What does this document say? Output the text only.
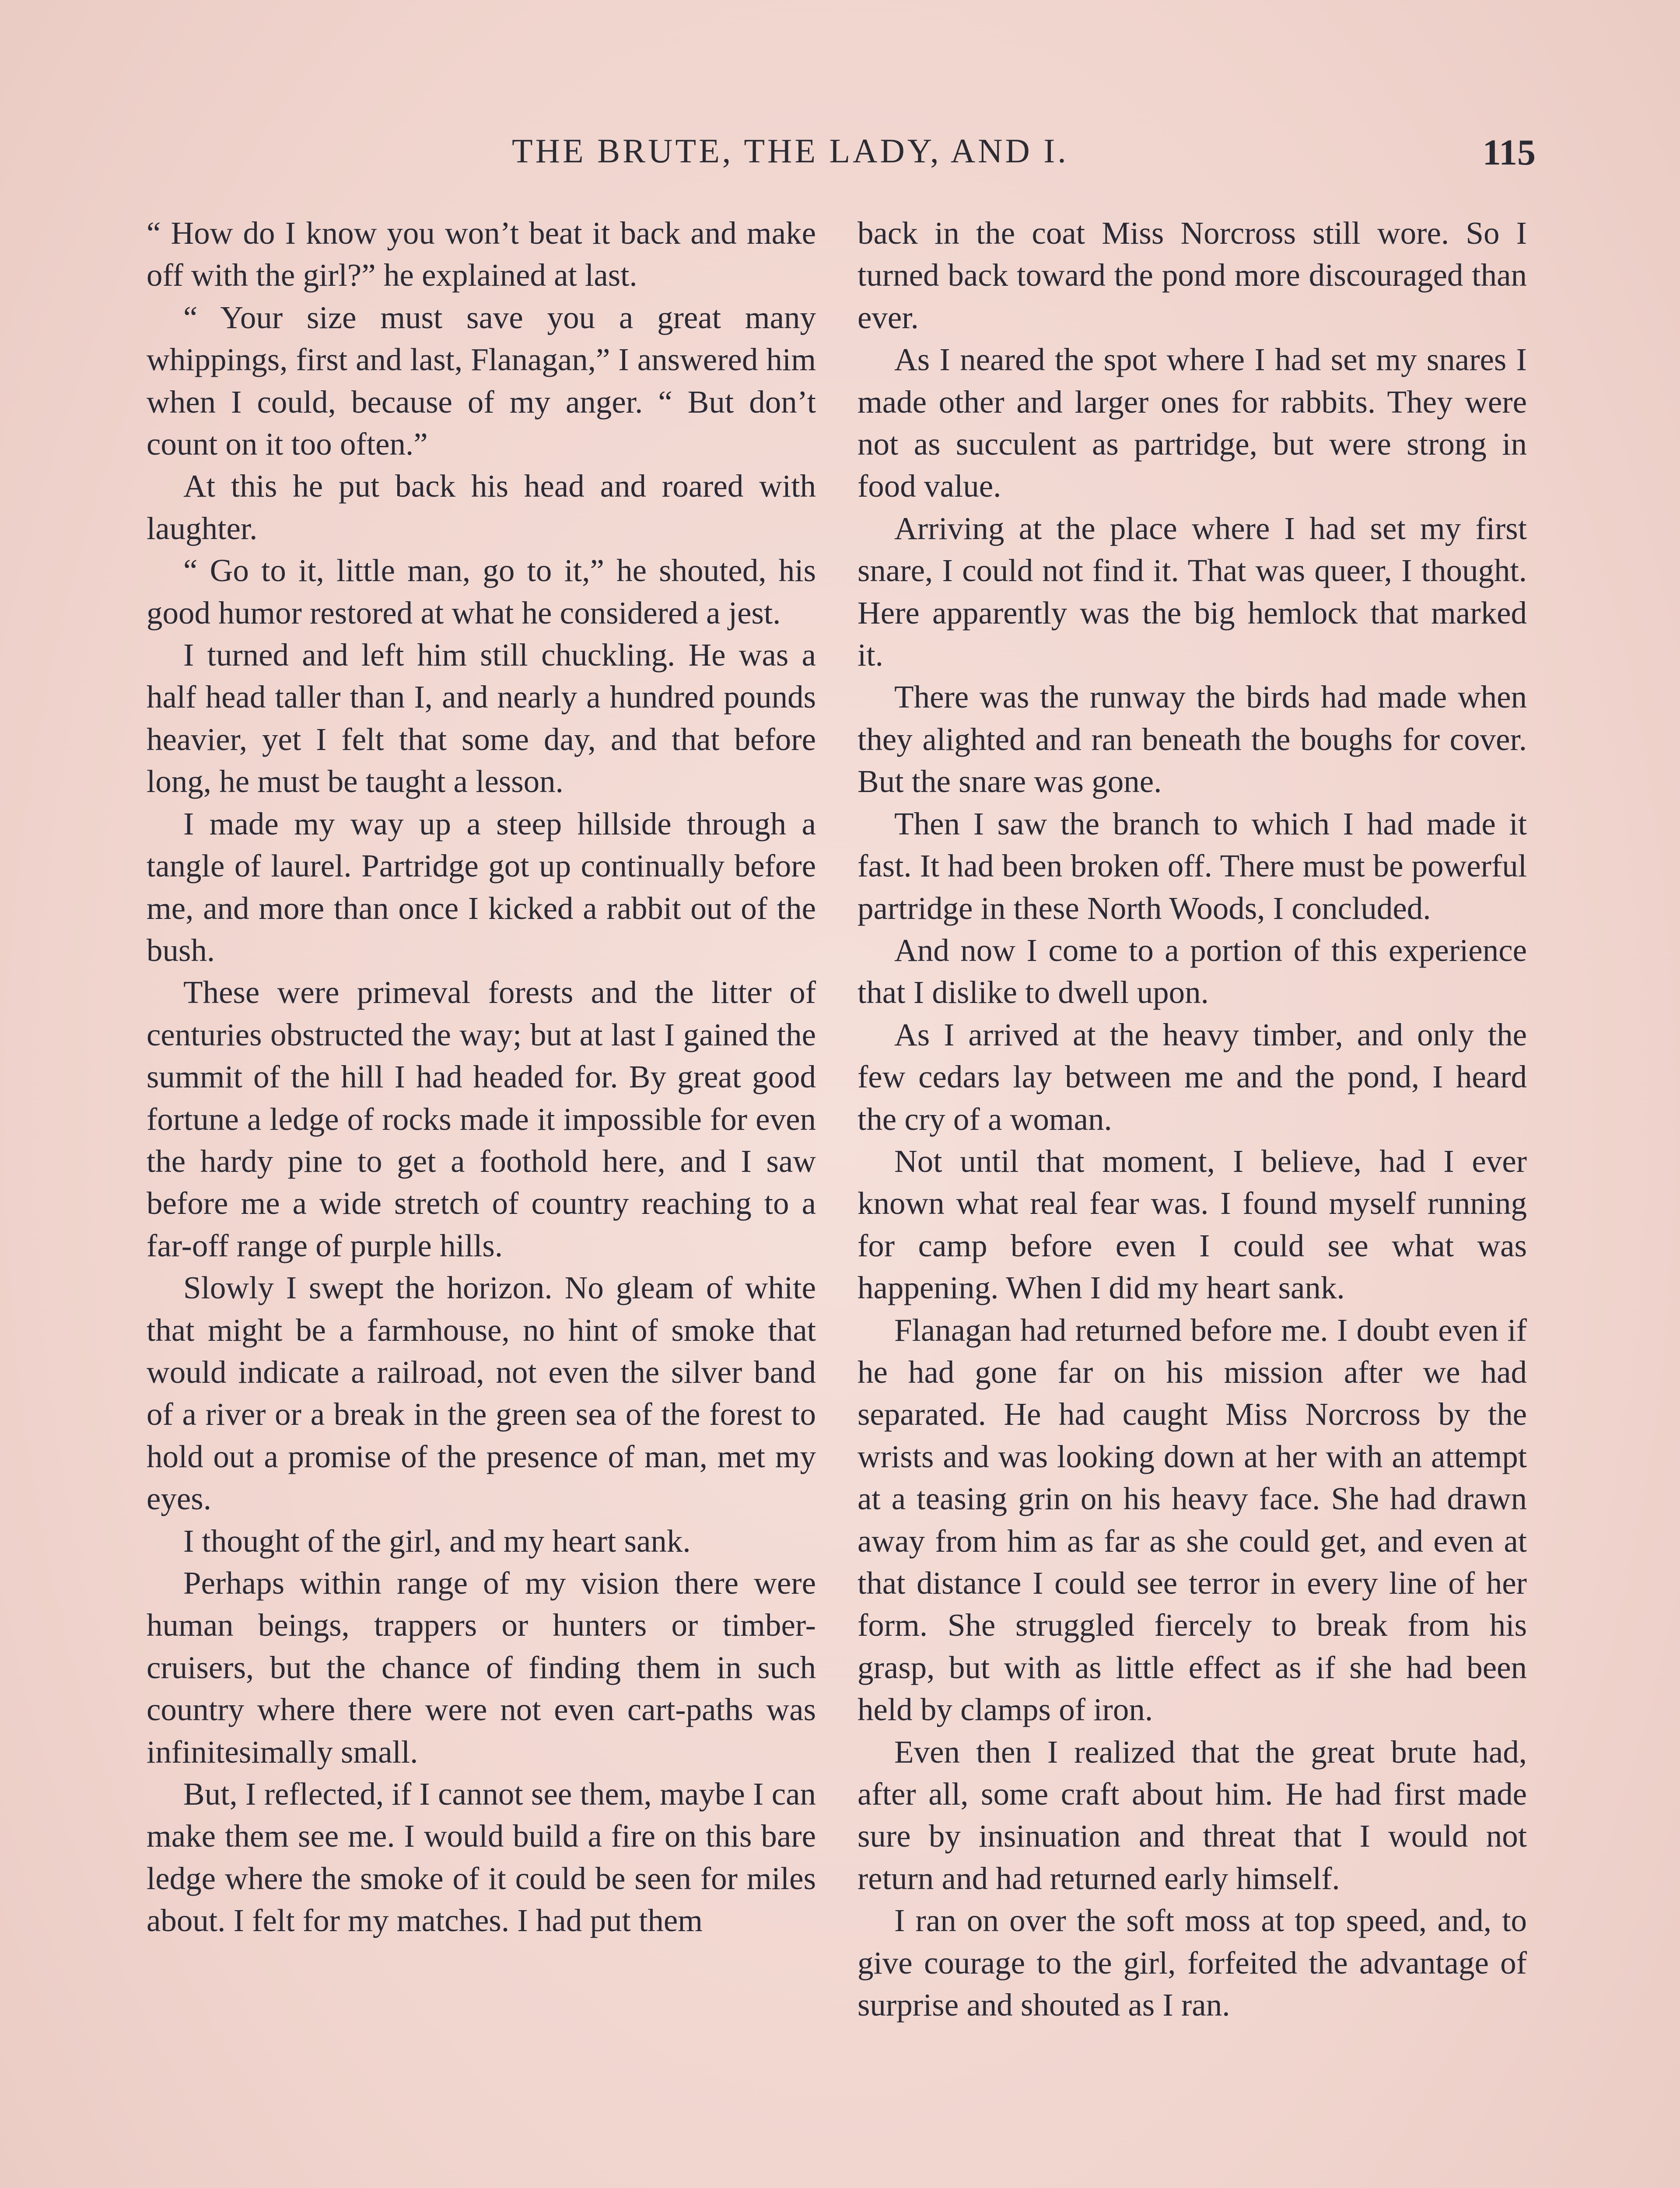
THE BRUTE, THE LADY, AND I.	115

“ How do I know you won’t beat it back and make off with the girl?” he explained at last.

“ Your size must save you a great many whippings, first and last, Flanagan,” I answered him when I could, because of my anger. “ But don’t count on it too often.”

At this he put back his head and roared with laughter.

“ Go to it, little man, go to it,” he shouted, his good humor restored at what he considered a jest.

I turned and left him still chuckling. He was a half head taller than I, and nearly a hundred pounds heavier, yet I felt that some day, and that before long, he must be taught a lesson.

I made my way up a steep hillside through a tangle of laurel. Partridge got up continually before me, and more than once I kicked a rabbit out of the bush.

These were primeval forests and the litter of centuries obstructed the way; but at last I gained the summit of the hill I had headed for. By great good fortune a ledge of rocks made it impossible for even the hardy pine to get a foothold here, and I saw before me a wide stretch of country reaching to a far-off range of purple hills.

Slowly I swept the horizon. No gleam of white that might be a farmhouse, no hint of smoke that would indicate a railroad, not even the silver band of a river or a break in the green sea of the forest to hold out a promise of the presence of man, met my eyes.

I thought of the girl, and my heart sank.

Perhaps within range of my vision there were human beings, trappers or hunters or timber-cruisers, but the chance of finding them in such country where there were not even cart-paths was infinitesimally small.

But, I reflected, if I cannot see them, maybe I can make them see me. I would build a fire on this bare ledge where the smoke of it could be seen for miles about. I felt for my matches. I had put them

back in the coat Miss Norcross still wore. So I turned back toward the pond more discouraged than ever.

As I neared the spot where I had set my snares I made other and larger ones for rabbits. They were not as succulent as partridge, but were strong in food value.

Arriving at the place where I had set my first snare, I could not find it. That was queer, I thought. Here apparently was the big hemlock that marked it.

There was the runway the birds had made when they alighted and ran beneath the boughs for cover. But the snare was gone.

Then I saw the branch to which I had made it fast. It had been broken off. There must be powerful partridge in these North Woods, I concluded.

And now I come to a portion of this experience that I dislike to dwell upon.

As I arrived at the heavy timber, and only the few cedars lay between me and the pond, I heard the cry of a woman.

Not until that moment, I believe, had I ever known what real fear was. I found myself running for camp before even I could see what was happening. When I did my heart sank.

Flanagan had returned before me. I doubt even if he had gone far on his mission after we had separated. He had caught Miss Norcross by the wrists and was looking down at her with an attempt at a teasing grin on his heavy face. She had drawn away from him as far as she could get, and even at that distance I could see terror in every line of her form. She struggled fiercely to break from his grasp, but with as little effect as if she had been held by clamps of iron.

Even then I realized that the great brute had, after all, some craft about him. He had first made sure by insinuation and threat that I would not return and had returned early himself.

I ran on over the soft moss at top speed, and, to give courage to the girl, forfeited the advantage of surprise and shouted as I ran.
